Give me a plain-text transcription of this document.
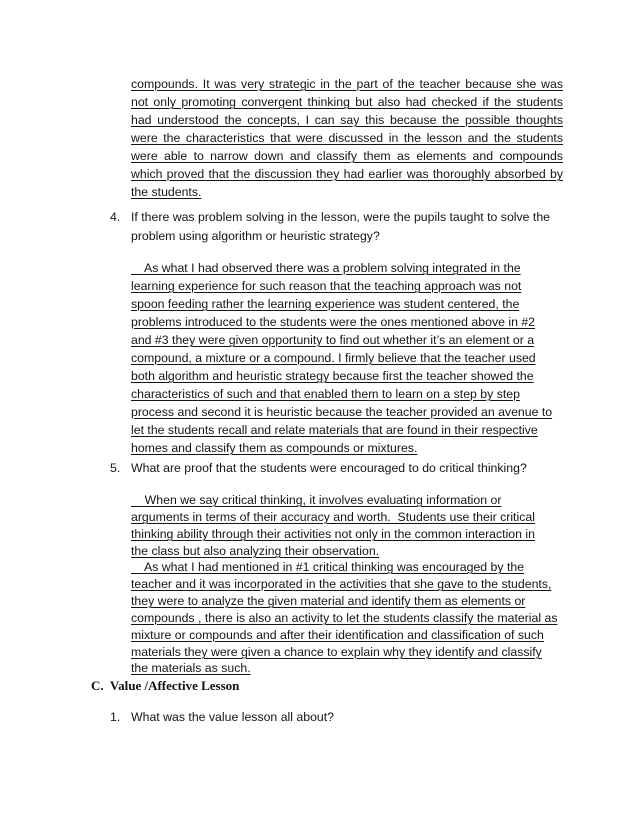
compounds. It was very strategic in the part of the teacher because she was
not only promoting convergent thinking but also had checked if the students
had understood the concepts, I can say this because the possible thoughts
were the characteristics that were discussed in the lesson and the students
were able to narrow down and classify them as elements and compounds
which proved that the discussion they had earlier was thoroughly absorbed by
the students.
4. If there was problem solving in the lesson, were the pupils taught to solve the
problem using algorithm or heuristic strategy?
As what I had observed there was a problem solving integrated in the
learning experience for such reason that the teaching approach was not
spoon feeding rather the learning experience was student centered, the
problems introduced to the students were the ones mentioned above in #2
and #3 they were given opportunity to find out whether it’s an element or a
compound, a mixture or a compound. I firmly believe that the teacher used
both algorithm and heuristic strategy because first the teacher showed the
characteristics of such and that enabled them to learn on a step by step
process and second it is heuristic because the teacher provided an avenue to
let the students recall and relate materials that are found in their respective
homes and classify them as compounds or mixtures.
5. What are proof that the students were encouraged to do critical thinking?
When we say critical thinking, it involves evaluating information or
arguments in terms of their accuracy and worth.  Students use their critical
thinking ability through their activities not only in the common interaction in
the class but also analyzing their observation.
As what I had mentioned in #1 critical thinking was encouraged by the
teacher and it was incorporated in the activities that she gave to the students,
they were to analyze the given material and identify them as elements or
compounds , there is also an activity to let the students classify the material as
mixture or compounds and after their identification and classification of such
materials they were given a chance to explain why they identify and classify
the materials as such.
C.  Value /Affective Lesson
1. What was the value lesson all about?
